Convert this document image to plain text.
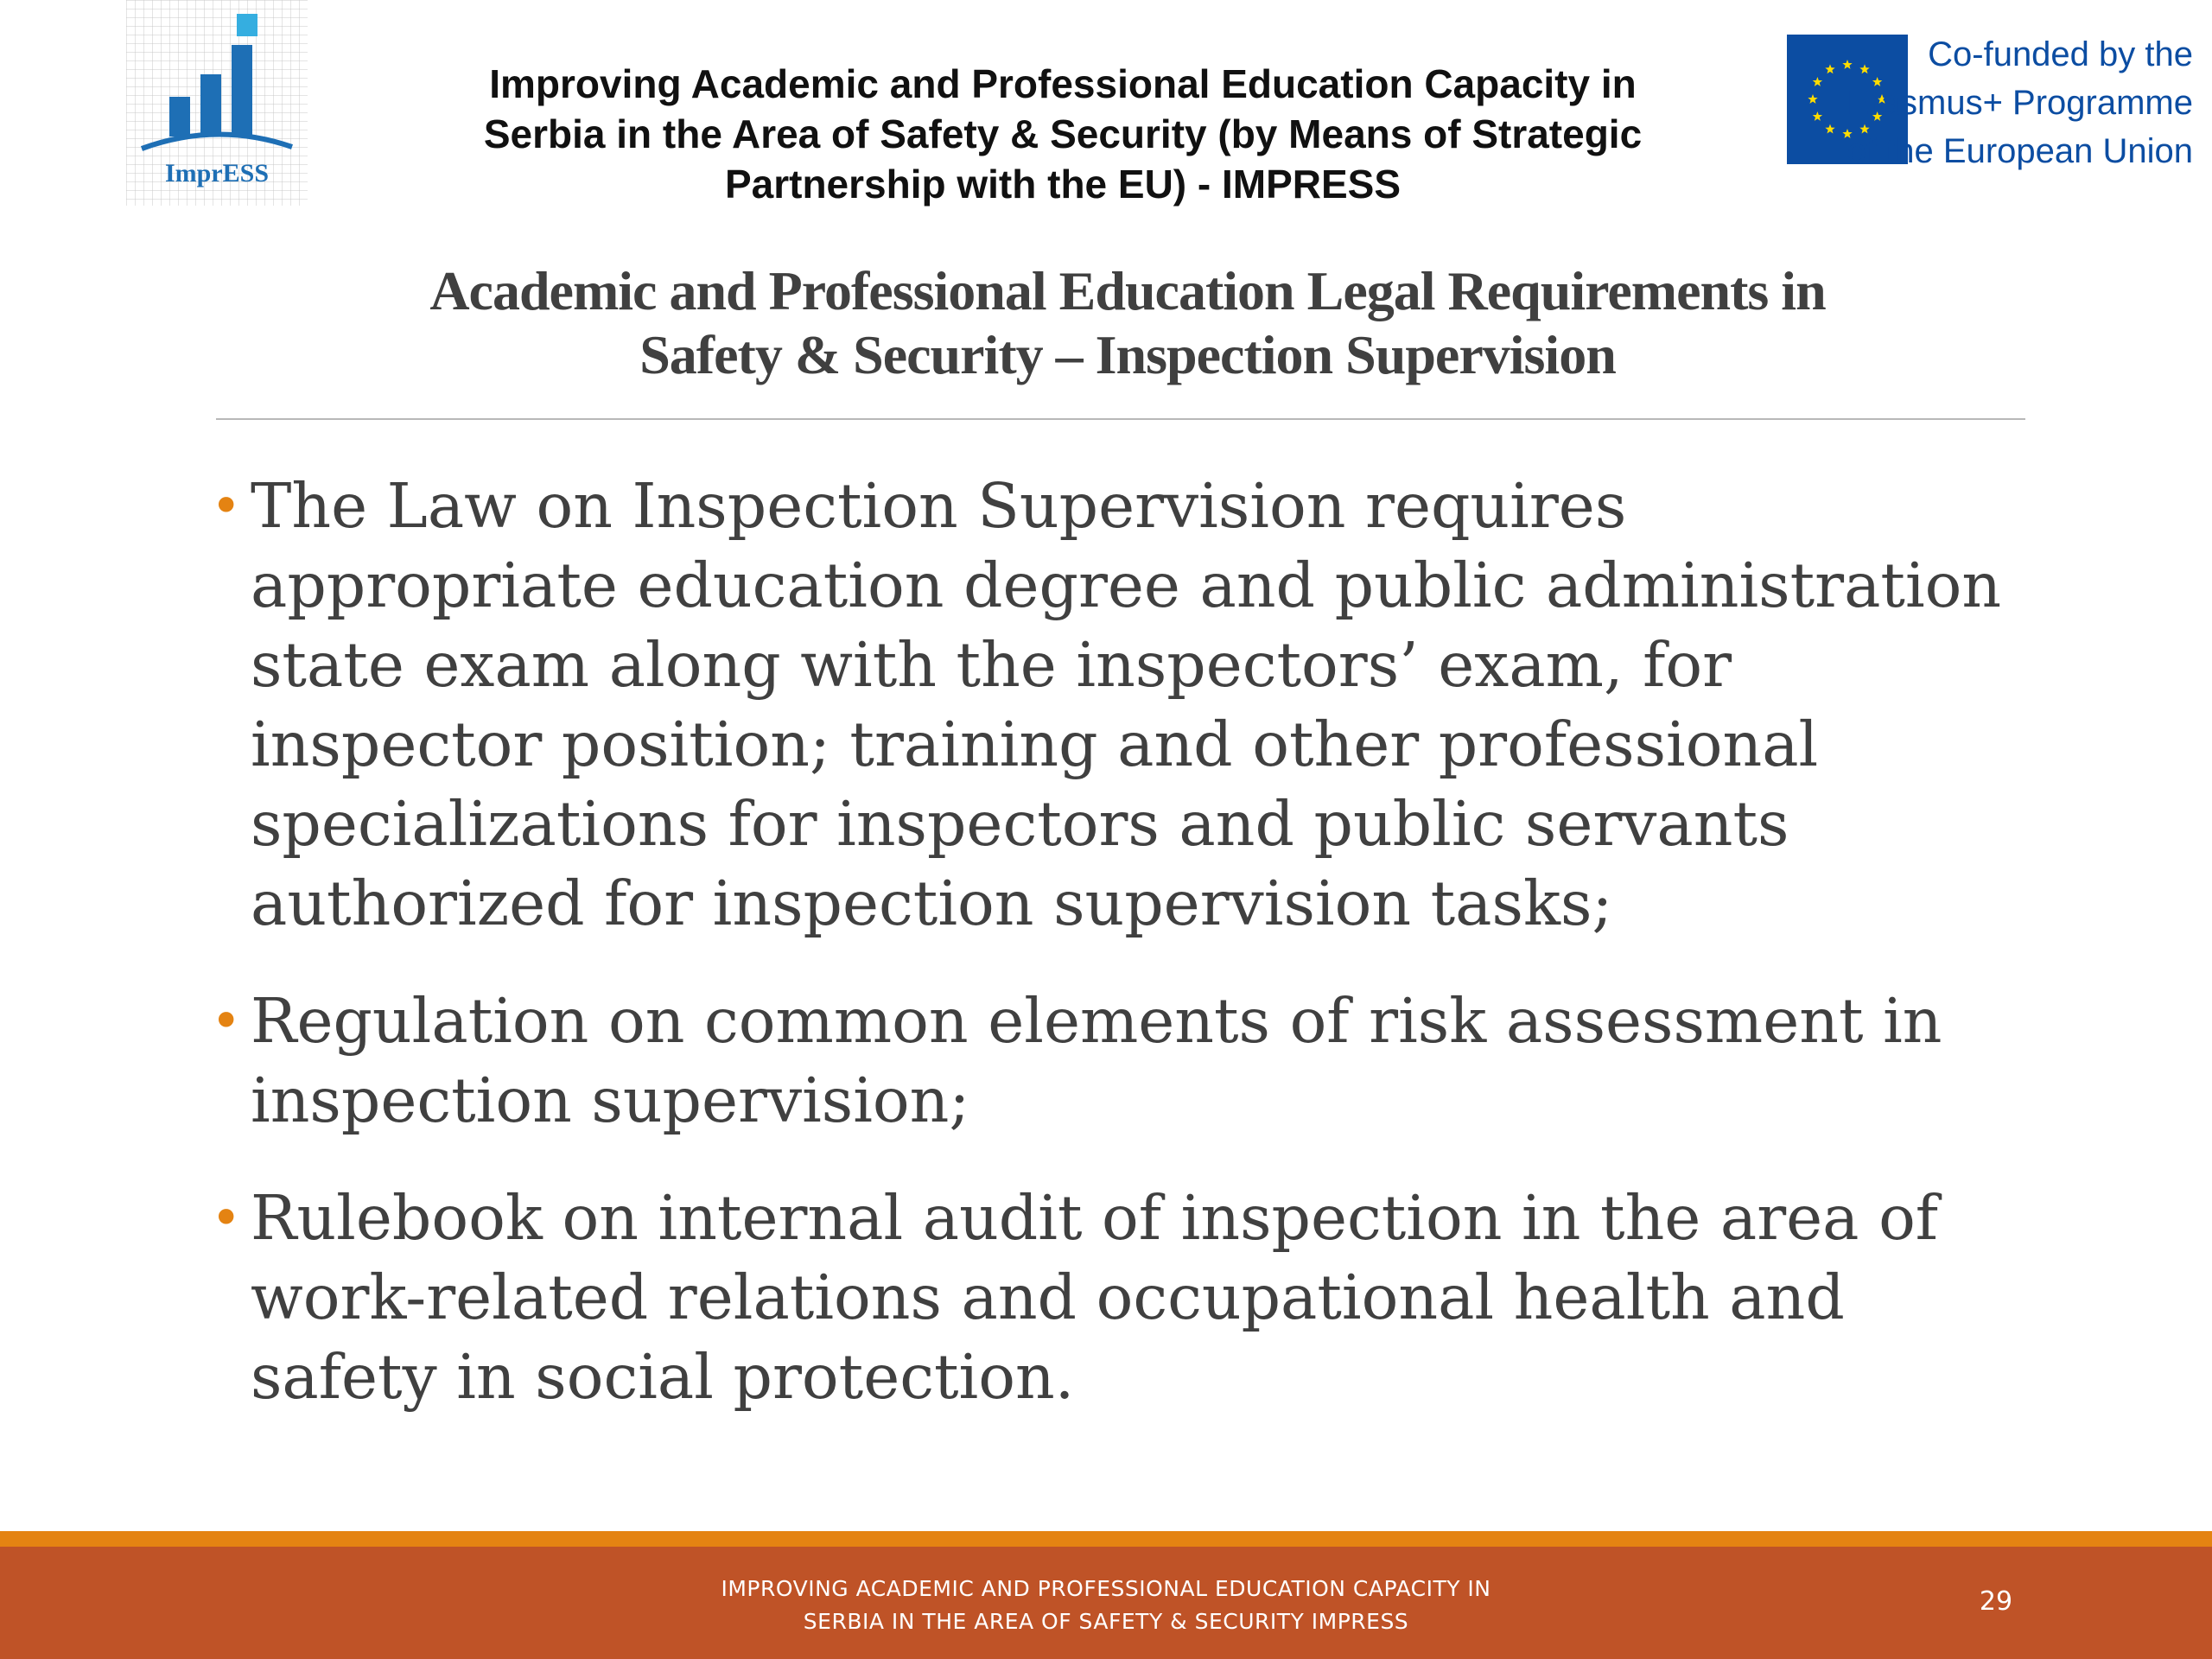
ImprESS
Improving Academic and Professional Education Capacity in
Serbia in the Area of Safety & Security (by Means of Strategic
Partnership with the EU) - IMPRESS
Co-funded by the
Erasmus+ Programme
of the European Union
Academic and Professional Education Legal Requirements in
Safety & Security – Inspection Supervision
• The Law on Inspection Supervision requires
appropriate education degree and public administration
state exam along with the inspectors’ exam, for
inspector position; training and other professional
specializations for inspectors and public servants
authorized for inspection supervision tasks;
• Regulation on common elements of risk assessment in
inspection supervision;
• Rulebook on internal audit of inspection in the area of
work-related relations and occupational health and
safety in social protection.
IMPROVING ACADEMIC AND PROFESSIONAL EDUCATION CAPACITY IN
SERBIA IN THE AREA OF SAFETY & SECURITY IMPRESS
29
